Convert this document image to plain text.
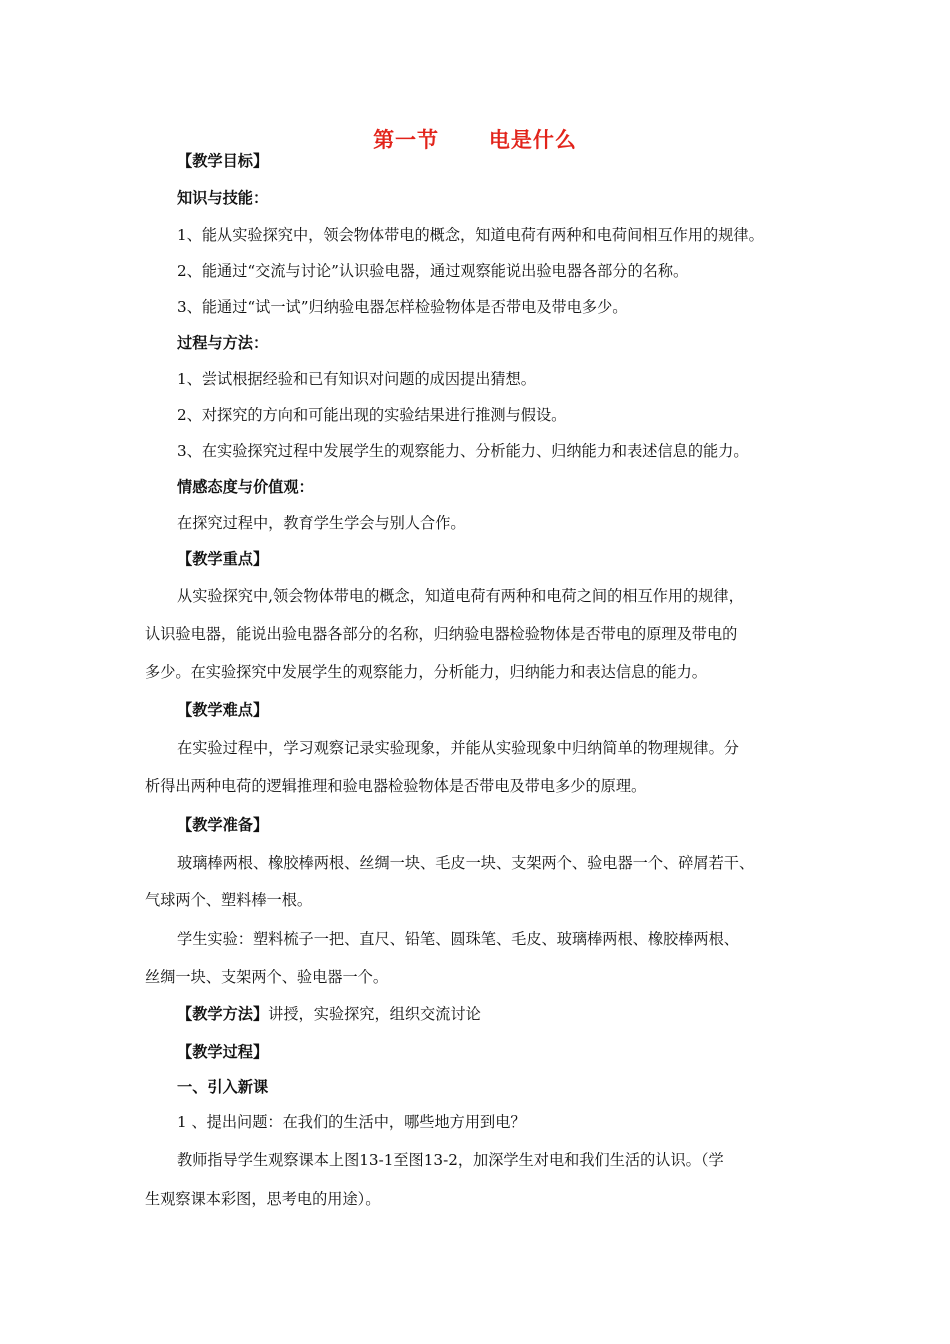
第一节      电是什么
【教学目标】
知识与技能：
1、能从实验探究中，领会物体带电的概念，知道电荷有两种和电荷间相互作用的规律。
2、能通过“交流与讨论”认识验电器，通过观察能说出验电器各部分的名称。
3、能通过“试一试”归纳验电器怎样检验物体是否带电及带电多少。
过程与方法：
1、尝试根据经验和已有知识对问题的成因提出猜想。
2、对探究的方向和可能出现的实验结果进行推测与假设。
3、在实验探究过程中发展学生的观察能力、分析能力、归纳能力和表述信息的能力。
情感态度与价值观：
在探究过程中，教育学生学会与别人合作。
【教学重点】
从实验探究中,领会物体带电的概念，知道电荷有两种和电荷之间的相互作用的规律，
认识验电器，能说出验电器各部分的名称，归纳验电器检验物体是否带电的原理及带电的
多少。在实验探究中发展学生的观察能力，分析能力，归纳能力和表达信息的能力。
【教学难点】
在实验过程中，学习观察记录实验现象，并能从实验现象中归纳简单的物理规律。分
析得出两种电荷的逻辑推理和验电器检验物体是否带电及带电多少的原理。
【教学准备】
玻璃棒两根、橡胶棒两根、丝绸一块、毛皮一块、支架两个、验电器一个、碎屑若干、
气球两个、塑料棒一根。
学生实验：塑料梳子一把、直尺、铅笔、圆珠笔、毛皮、玻璃棒两根、橡胶棒两根、
丝绸一块、支架两个、验电器一个。
【教学过程】
一、引入新课
1 、提出问题：在我们的生活中，哪些地方用到电？
教师指导学生观察课本上图13-1至图13-2，加深学生对电和我们生活的认识。（学
生观察课本彩图，思考电的用途）。
【教学方法】讲授，实验探究，组织交流讨论
